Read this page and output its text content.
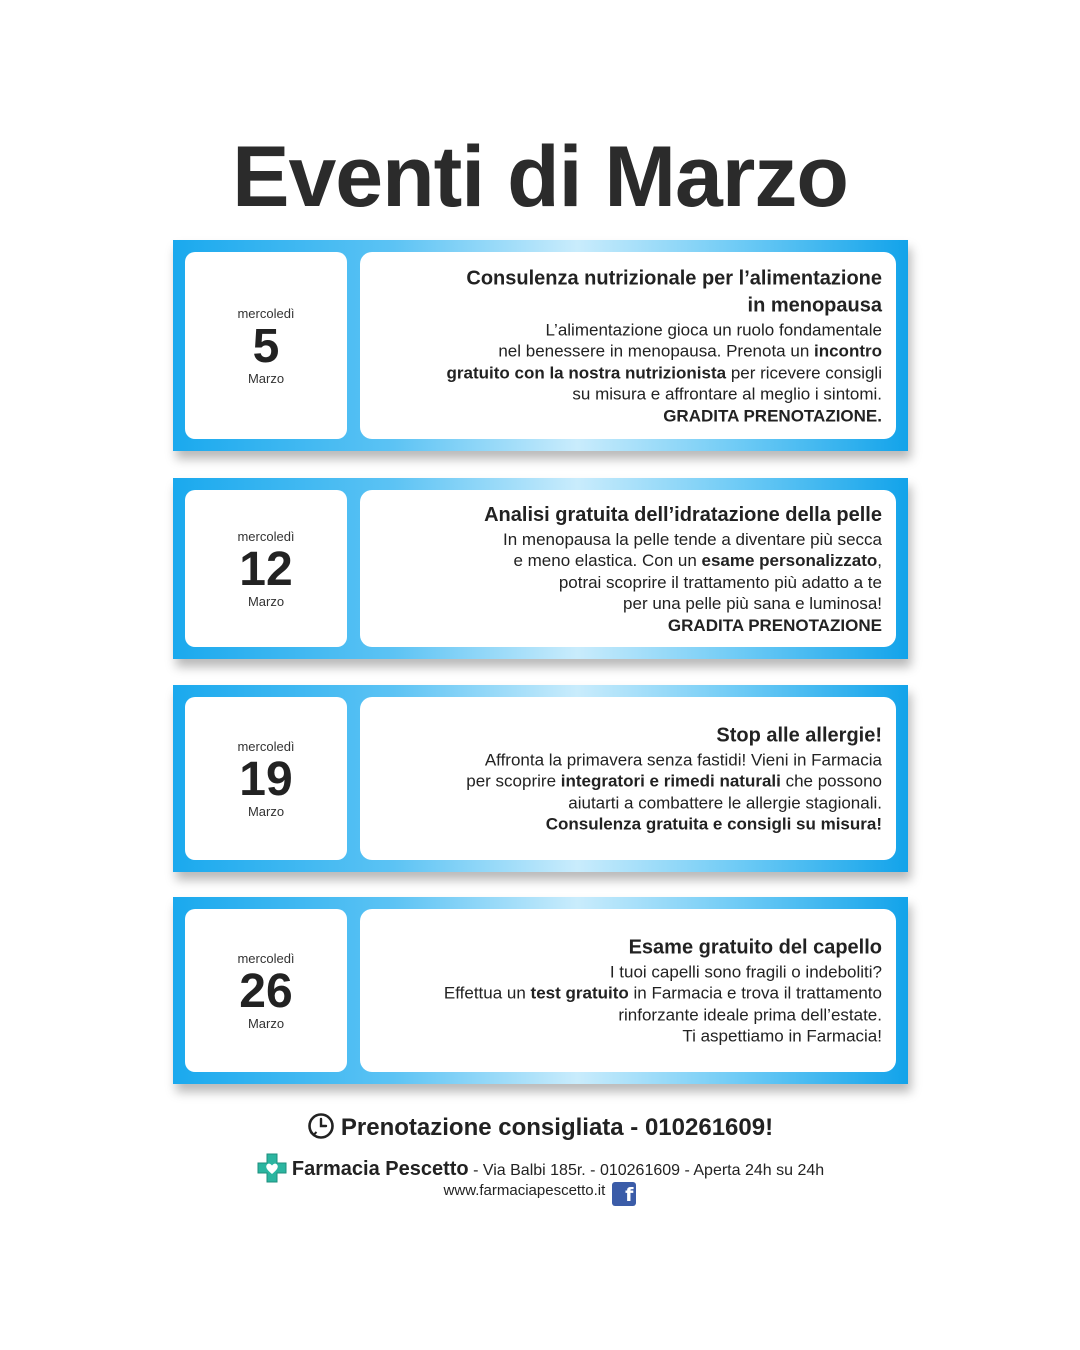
Eventi di Marzo
mercoledì
5
Marzo
Consulenza nutrizionale per l’alimentazione
in menopausa
L’alimentazione gioca un ruolo fondamentale
nel benessere in menopausa. Prenota un incontro
gratuito con la nostra nutrizionista per ricevere consigli
su misura e affrontare al meglio i sintomi.
GRADITA PRENOTAZIONE.
mercoledì
12
Marzo
Analisi gratuita dell’idratazione della pelle
In menopausa la pelle tende a diventare più secca
e meno elastica. Con un esame personalizzato,
potrai scoprire il trattamento più adatto a te
per una pelle più sana e luminosa!
GRADITA PRENOTAZIONE
mercoledì
19
Marzo
Stop alle allergie!
Affronta la primavera senza fastidi! Vieni in Farmacia
per scoprire integratori e rimedi naturali che possono
aiutarti a combattere le allergie stagionali.
Consulenza gratuita e consigli su misura!
mercoledì
26
Marzo
Esame gratuito del capello
I tuoi capelli sono fragili o indeboliti?
Effettua un test gratuito in Farmacia e trova il trattamento
rinforzante ideale prima dell’estate.
Ti aspettiamo in Farmacia!
Prenotazione consigliata - 010261609!
Farmacia Pescetto - Via Balbi 185r. - 010261609 - Aperta 24h su 24h
www.farmaciapescetto.it f
